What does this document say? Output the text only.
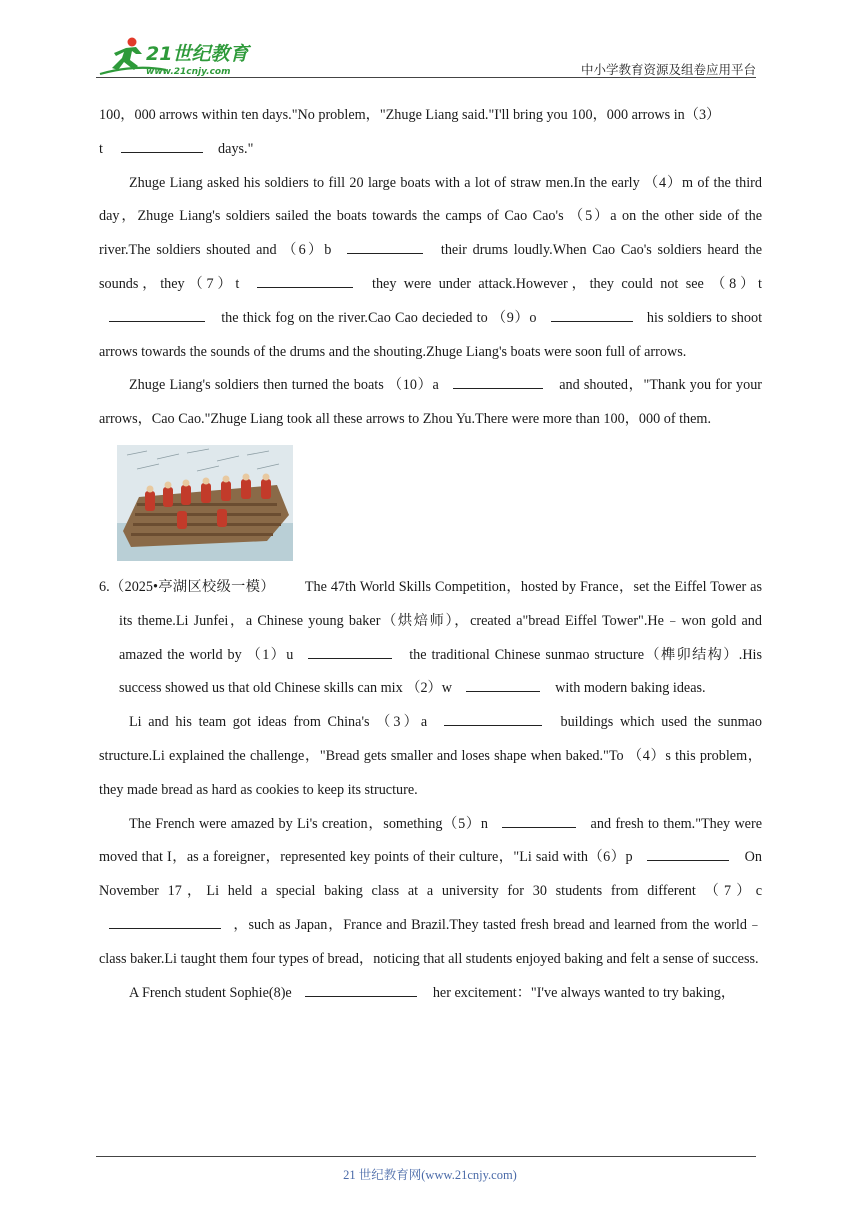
21世纪教育
www.21cnjy.com	中小学教育资源及组卷应用平台

100，000 arrows within ten days."No problem，"Zhuge Liang said."I'll bring you 100，000 arrows in（3）
t	days."

Zhuge Liang asked his soldiers to fill 20 large boats with a lot of straw men.In the early （4）m of the third day，Zhuge Liang's soldiers sailed the boats towards the camps of Cao Cao's （5）a on the other side of the river.The soldiers shouted and （6）b	their drums loudly.When Cao Cao's soldiers heard the sounds，they（7）t	they were under attack.However，they could not see （8）t  the thick fog on the river.Cao Cao decieded to （9）o	his soldiers to shoot arrows towards the sounds of the drums and the shouting.Zhuge Liang's boats were soon full of arrows.

Zhuge Liang's soldiers then turned the boats （10）a	and shouted，"Thank you for your arrows，Cao Cao."Zhuge Liang took all these arrows to Zhou Yu.There were more than 100，000 of them.

6.（2025•亭湖区校级一模） The 47th World Skills Competition，hosted by France，set the Eiffel Tower as its theme.Li Junfei，a Chinese young baker（烘焙师），created a"bread Eiffel Tower".He﹣won gold and amazed the world by （1）u	the traditional Chinese sunmao structure（榫卯结构）.His success showed us that old Chinese skills can mix （2）w	with modern baking ideas.

Li and his team got ideas from China's （3）a	buildings which used the sunmao structure.Li explained the challenge，"Bread gets smaller and loses shape when baked."To （4）s this problem，they made bread as hard as cookies to keep its structure.

The French were amazed by Li's creation，something（5）n	and fresh to them."They were moved that I，as a foreigner，represented key points of their culture，"Li said with（6）p	On November 17，Li held a special baking class at a university for 30 students from different （7）c  ，such as Japan，France and Brazil.They tasted fresh bread and learned from the world﹣class baker.Li taught them four types of bread，noticing that all students enjoyed baking and felt a sense of success.

A French student Sophie(8)e	her excitement："I've always wanted to try baking，

21 世纪教育网(www.21cnjy.com)
